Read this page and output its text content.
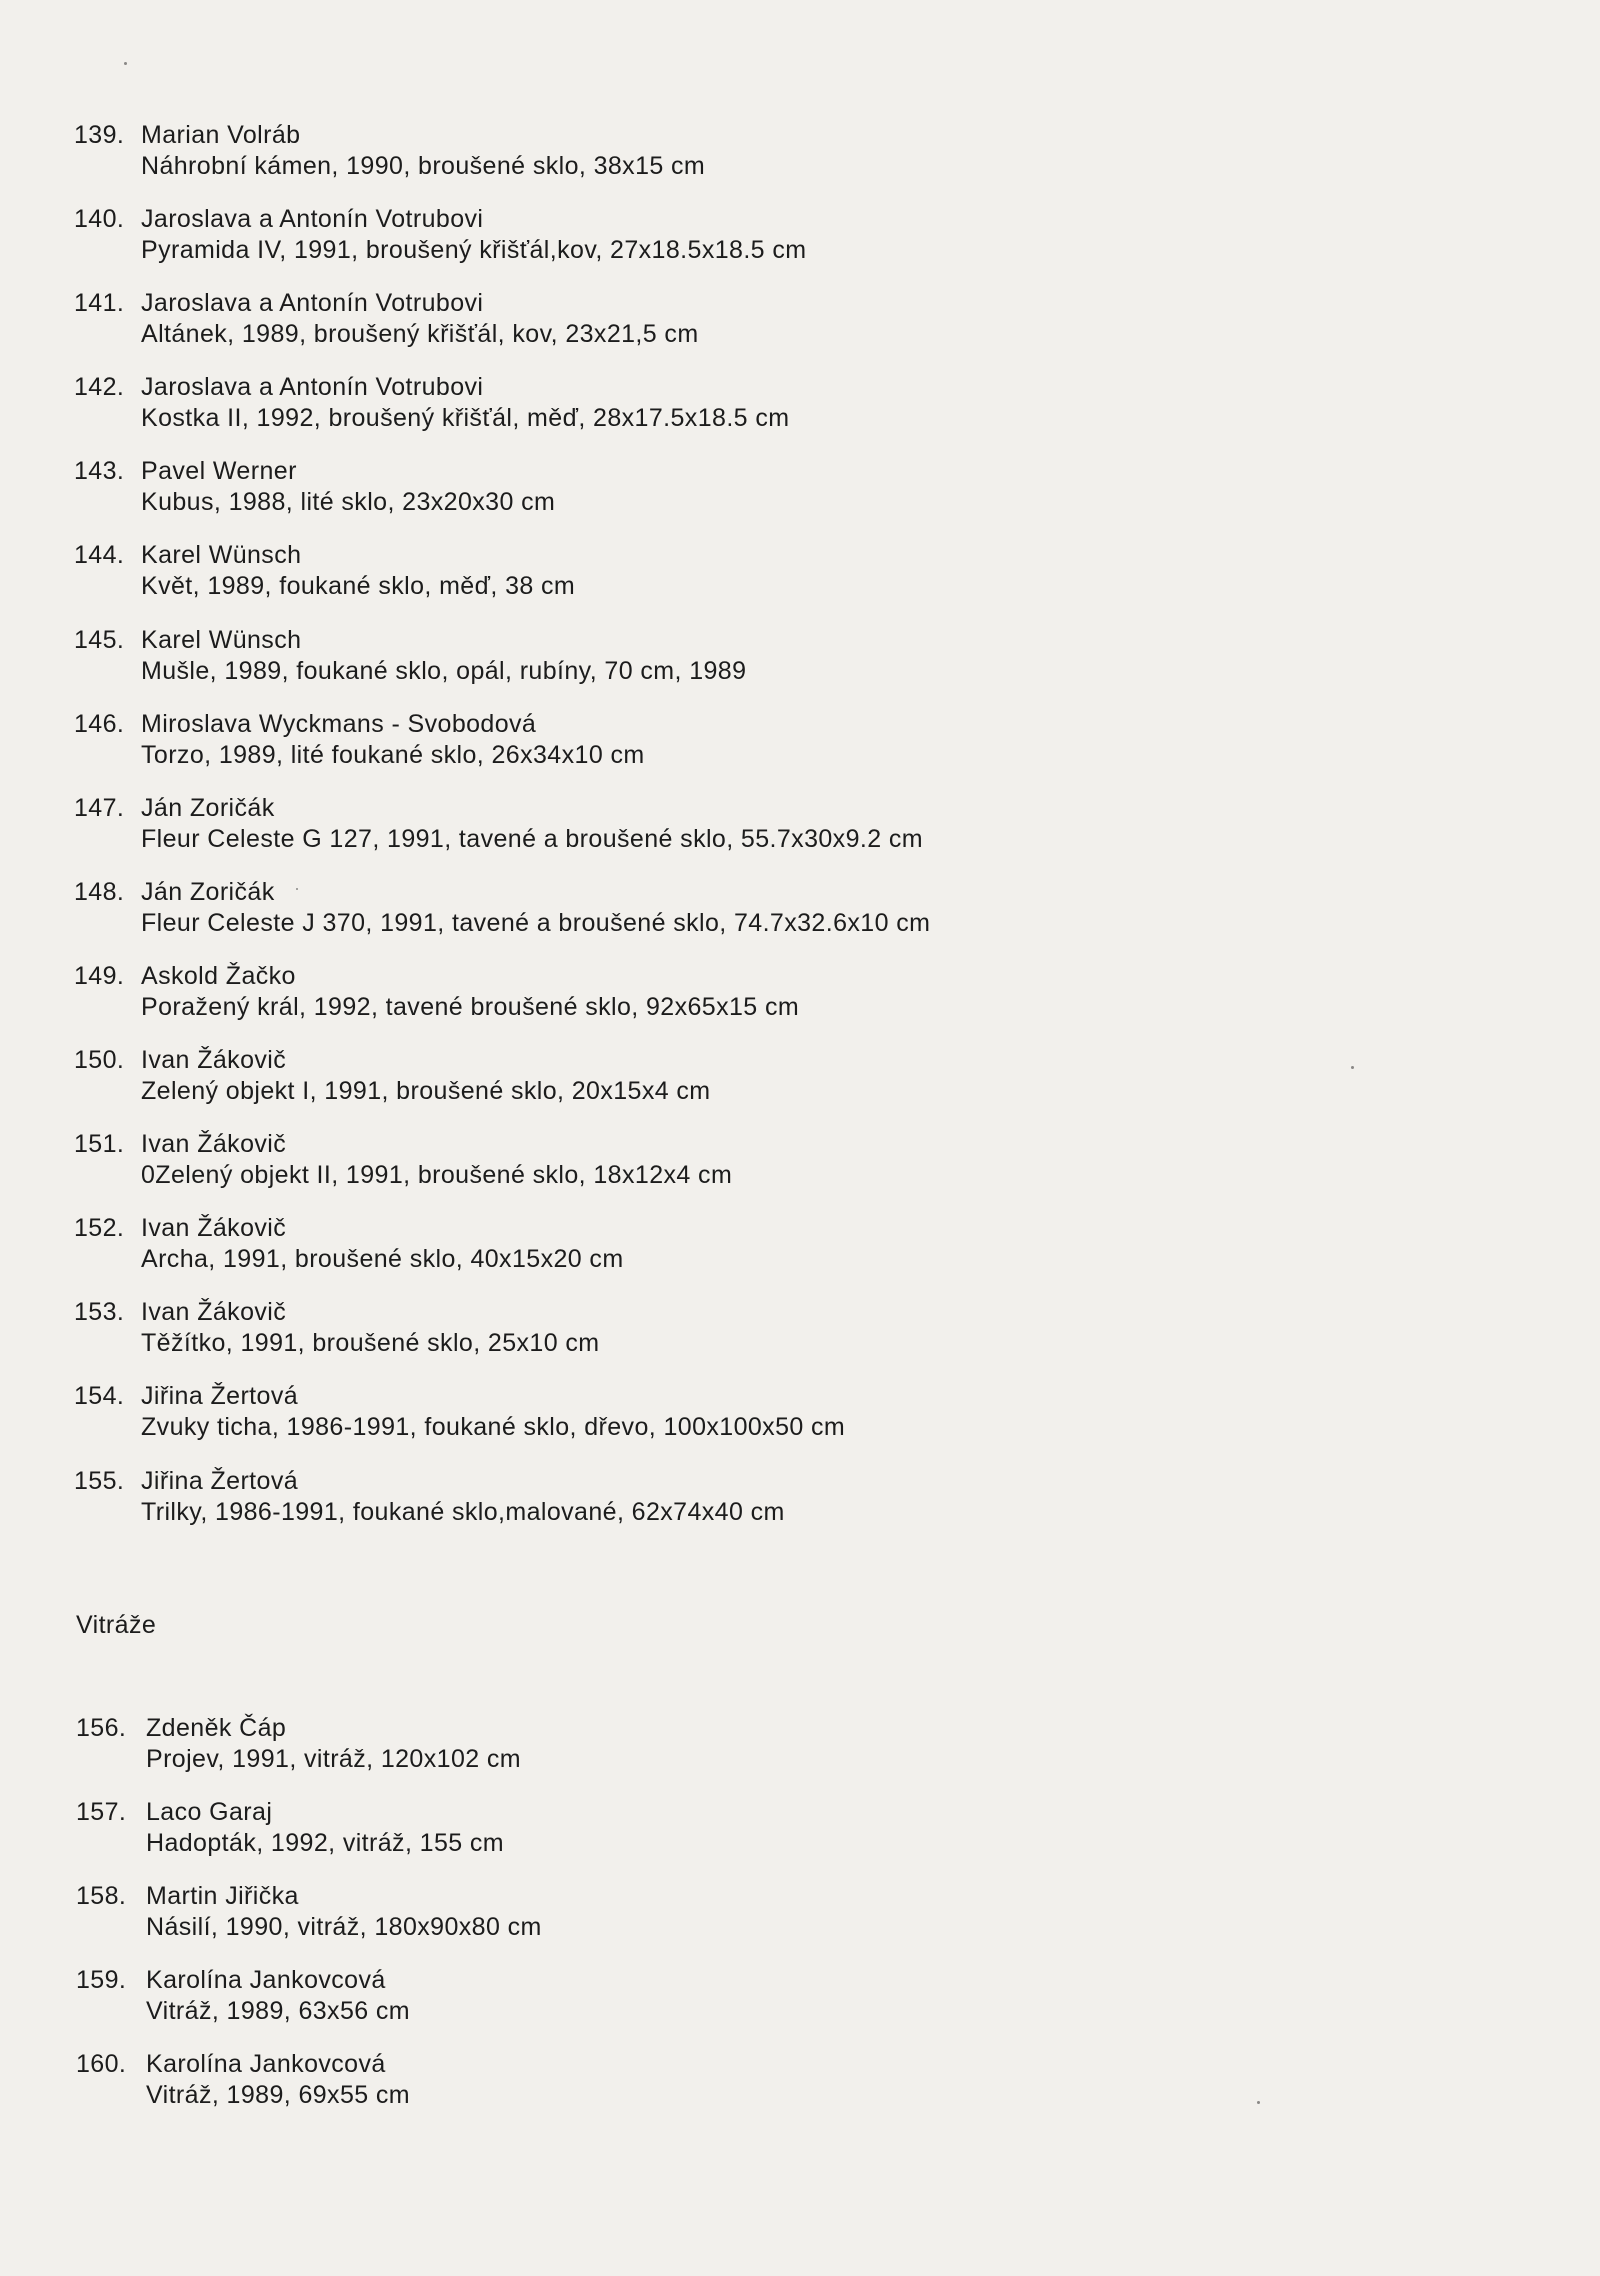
139. Marian Volráb
Náhrobní kámen, 1990, broušené sklo, 38x15 cm
140. Jaroslava a Antonín Votrubovi
Pyramida IV, 1991, broušený křišťál,kov, 27x18.5x18.5 cm
141. Jaroslava a Antonín Votrubovi
Altánek, 1989, broušený křišťál, kov, 23x21,5 cm
142. Jaroslava a Antonín Votrubovi
Kostka II, 1992, broušený křišťál, měď, 28x17.5x18.5 cm
143. Pavel Werner
Kubus, 1988, lité sklo, 23x20x30 cm
144. Karel Wünsch
Květ, 1989, foukané sklo, měď, 38 cm
145. Karel Wünsch
Mušle, 1989, foukané sklo, opál, rubíny, 70 cm, 1989
146. Miroslava Wyckmans - Svobodová
Torzo, 1989, lité foukané sklo, 26x34x10 cm
147. Ján Zoričák
Fleur Celeste G 127, 1991, tavené a broušené sklo, 55.7x30x9.2 cm
148. Ján Zoričák
Fleur Celeste J 370, 1991, tavené a broušené sklo, 74.7x32.6x10 cm
149. Askold Žačko
Poražený král, 1992, tavené broušené sklo, 92x65x15 cm
150. Ivan Žákovič
Zelený objekt I, 1991, broušené sklo, 20x15x4 cm
151. Ivan Žákovič
0Zelený objekt II, 1991, broušené sklo, 18x12x4 cm
152. Ivan Žákovič
Archa, 1991, broušené sklo, 40x15x20 cm
153. Ivan Žákovič
Těžítko, 1991, broušené sklo, 25x10 cm
154. Jiřina Žertová
Zvuky ticha, 1986-1991, foukané sklo, dřevo, 100x100x50 cm
155. Jiřina Žertová
Trilky, 1986-1991, foukané sklo,malované, 62x74x40 cm
Vitráže
156. Zdeněk Čáp
Projev, 1991, vitráž, 120x102 cm
157. Laco Garaj
Hadopták, 1992, vitráž, 155 cm
158. Martin Jiřička
Násilí, 1990, vitráž, 180x90x80 cm
159. Karolína Jankovcová
Vitráž, 1989, 63x56 cm
160. Karolína Jankovcová
Vitráž, 1989, 69x55 cm
